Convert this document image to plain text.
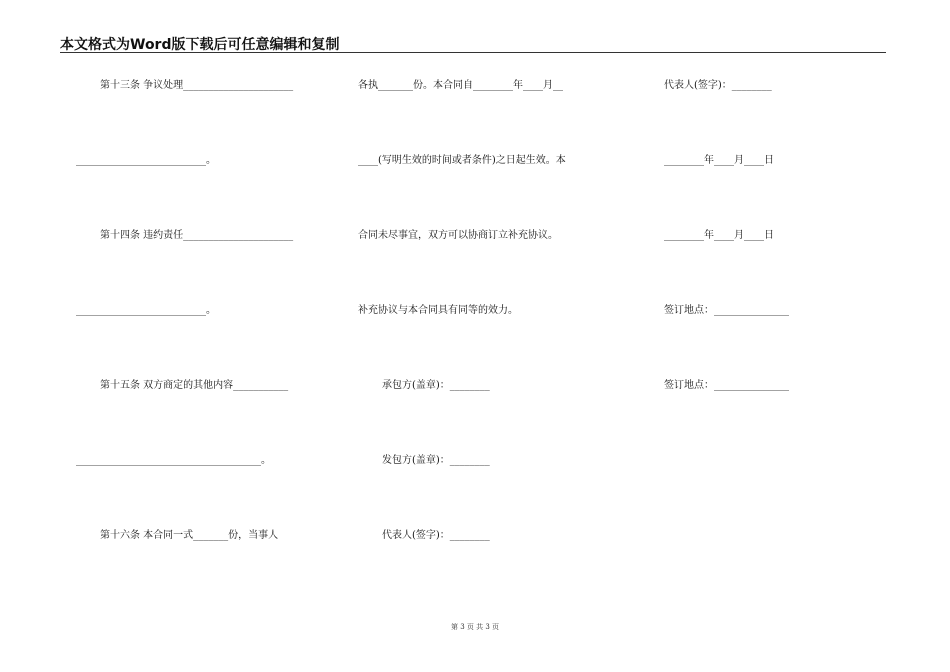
本文格式为Word版下载后可任意编辑和复制
第十三条 争议处理______________________
__________________________。
第十四条 违约责任______________________
__________________________。
第十五条 双方商定的其他内容___________
_____________________________________。
第十六条 本合同一式_______份，当事人
各执_______份。本合同自________年____月__
____(写明生效的时间或者条件)之日起生效。本
合同未尽事宜，双方可以协商订立补充协议。
补充协议与本合同具有同等的效力。
承包方(盖章)：________
发包方(盖章)：________
代表人(签字)：________
代表人(签字)：________
________年____月____日
________年____月____日
签订地点：_______________
签订地点：_______________
第 3 页 共 3 页
